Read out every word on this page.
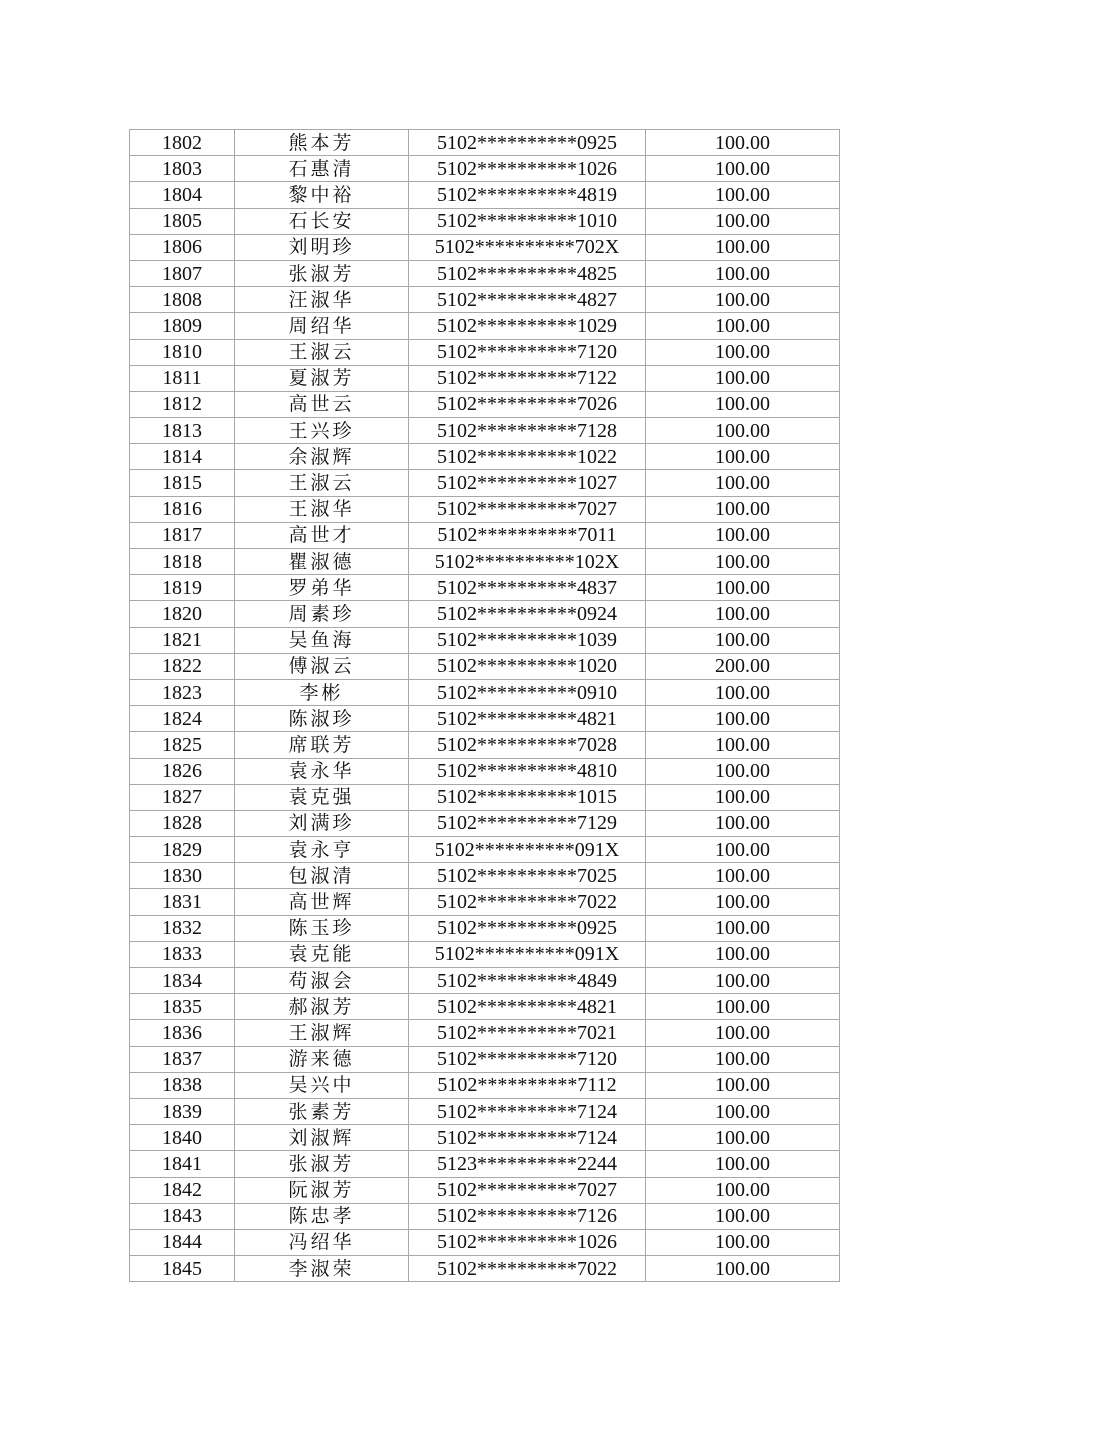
1802	熊本芳	5102**********0925	100.00
1803	石惠清	5102**********1026	100.00
1804	黎中裕	5102**********4819	100.00
1805	石长安	5102**********1010	100.00
1806	刘明珍	5102**********702X	100.00
1807	张淑芳	5102**********4825	100.00
1808	汪淑华	5102**********4827	100.00
1809	周绍华	5102**********1029	100.00
1810	王淑云	5102**********7120	100.00
1811	夏淑芳	5102**********7122	100.00
1812	高世云	5102**********7026	100.00
1813	王兴珍	5102**********7128	100.00
1814	余淑辉	5102**********1022	100.00
1815	王淑云	5102**********1027	100.00
1816	王淑华	5102**********7027	100.00
1817	高世才	5102**********7011	100.00
1818	瞿淑德	5102**********102X	100.00
1819	罗弟华	5102**********4837	100.00
1820	周素珍	5102**********0924	100.00
1821	吴鱼海	5102**********1039	100.00
1822	傅淑云	5102**********1020	200.00
1823	李彬	5102**********0910	100.00
1824	陈淑珍	5102**********4821	100.00
1825	席联芳	5102**********7028	100.00
1826	袁永华	5102**********4810	100.00
1827	袁克强	5102**********1015	100.00
1828	刘满珍	5102**********7129	100.00
1829	袁永亨	5102**********091X	100.00
1830	包淑清	5102**********7025	100.00
1831	高世辉	5102**********7022	100.00
1832	陈玉珍	5102**********0925	100.00
1833	袁克能	5102**********091X	100.00
1834	苟淑会	5102**********4849	100.00
1835	郝淑芳	5102**********4821	100.00
1836	王淑辉	5102**********7021	100.00
1837	游来德	5102**********7120	100.00
1838	吴兴中	5102**********7112	100.00
1839	张素芳	5102**********7124	100.00
1840	刘淑辉	5102**********7124	100.00
1841	张淑芳	5123**********2244	100.00
1842	阮淑芳	5102**********7027	100.00
1843	陈忠孝	5102**********7126	100.00
1844	冯绍华	5102**********1026	100.00
1845	李淑荣	5102**********7022	100.00
